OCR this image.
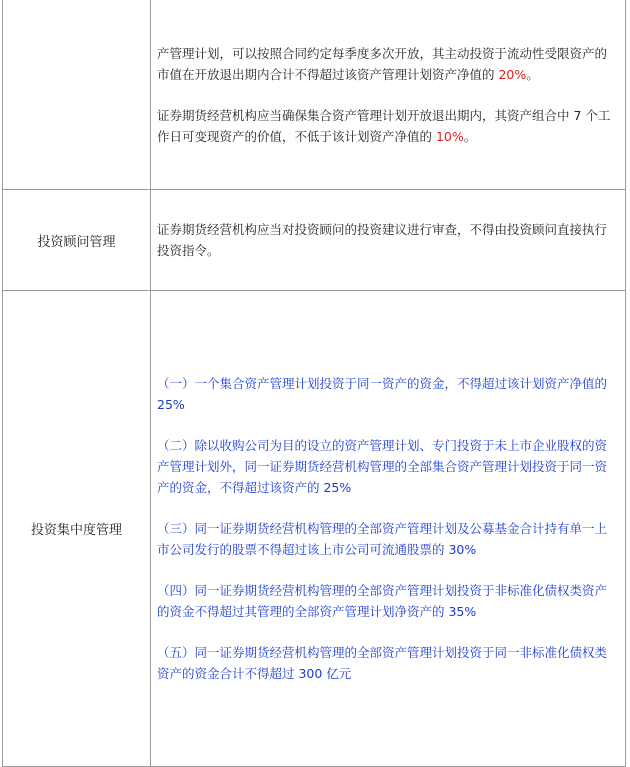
	产管理计划，可以按照合同约定每季度多次开放，其主动投资于流动性受限资产的市值在开放退出期内合计不得超过该资产管理计划资产净值的 20%。

证券期货经营机构应当确保集合资产管理计划开放退出期内，其资产组合中 7 个工作日可变现资产的价值，不低于该计划资产净值的 10%。

投资顾问管理	证券期货经营机构应当对投资顾问的投资建议进行审查，不得由投资顾问直接执行投资指令。

投资集中度管理	（一）一个集合资产管理计划投资于同一资产的资金，不得超过该计划资产净值的 25%

（二）除以收购公司为目的设立的资产管理计划、专门投资于未上市企业股权的资产管理计划外，同一证券期货经营机构管理的全部集合资产管理计划投资于同一资产的资金，不得超过该资产的 25%

（三）同一证券期货经营机构管理的全部资产管理计划及公募基金合计持有单一上市公司发行的股票不得超过该上市公司可流通股票的 30%

（四）同一证券期货经营机构管理的全部资产管理计划投资于非标准化债权类资产的资金不得超过其管理的全部资产管理计划净资产的 35%

（五）同一证券期货经营机构管理的全部资产管理计划投资于同一非标准化债权类资产的资金合计不得超过 300 亿元
